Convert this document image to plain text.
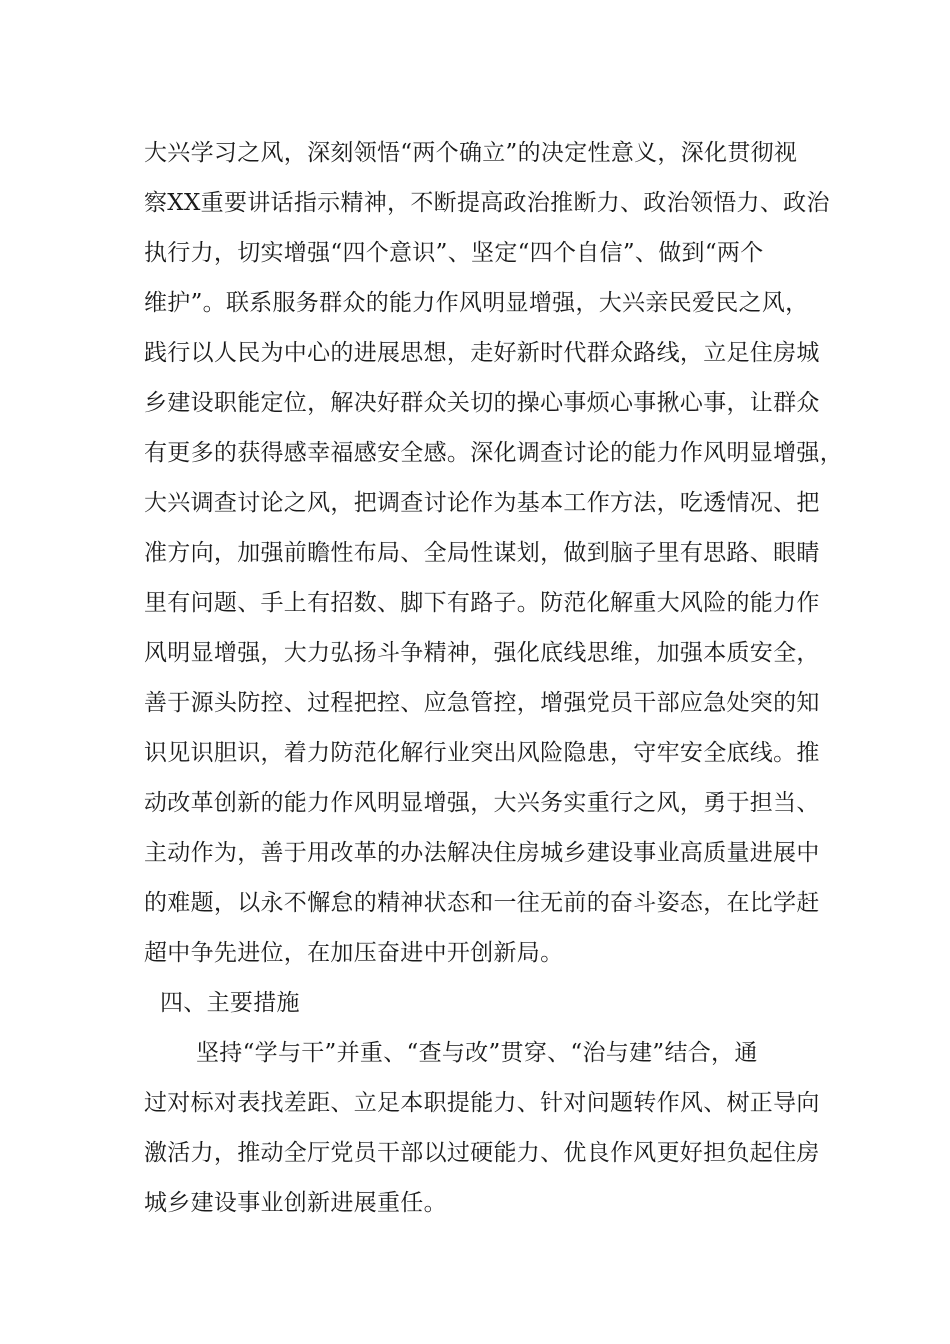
大兴学习之风，深刻领悟“两个确立”的决定性意义，深化贯彻视
察XX重要讲话指示精神，不断提高政治推断力、政治领悟力、政治
执行力，切实增强“四个意识”、坚定“四个自信”、做到“两个
维护”。联系服务群众的能力作风明显增强，大兴亲民爱民之风，
践行以人民为中心的进展思想，走好新时代群众路线，立足住房城
乡建设职能定位，解决好群众关切的操心事烦心事揪心事，让群众
有更多的获得感幸福感安全感。深化调查讨论的能力作风明显增强，
大兴调查讨论之风，把调查讨论作为基本工作方法，吃透情况、把
准方向，加强前瞻性布局、全局性谋划，做到脑子里有思路、眼睛
里有问题、手上有招数、脚下有路子。防范化解重大风险的能力作
风明显增强，大力弘扬斗争精神，强化底线思维，加强本质安全，
善于源头防控、过程把控、应急管控，增强党员干部应急处突的知
识见识胆识，着力防范化解行业突出风险隐患，守牢安全底线。推
动改革创新的能力作风明显增强，大兴务实重行之风，勇于担当、
主动作为，善于用改革的办法解决住房城乡建设事业高质量进展中
的难题，以永不懈怠的精神状态和一往无前的奋斗姿态，在比学赶
超中争先进位，在加压奋进中开创新局。
四、主要措施
坚持“学与干”并重、“查与改”贯穿、“治与建”结合，通
过对标对表找差距、立足本职提能力、针对问题转作风、树正导向
激活力，推动全厅党员干部以过硬能力、优良作风更好担负起住房
城乡建设事业创新进展重任。
